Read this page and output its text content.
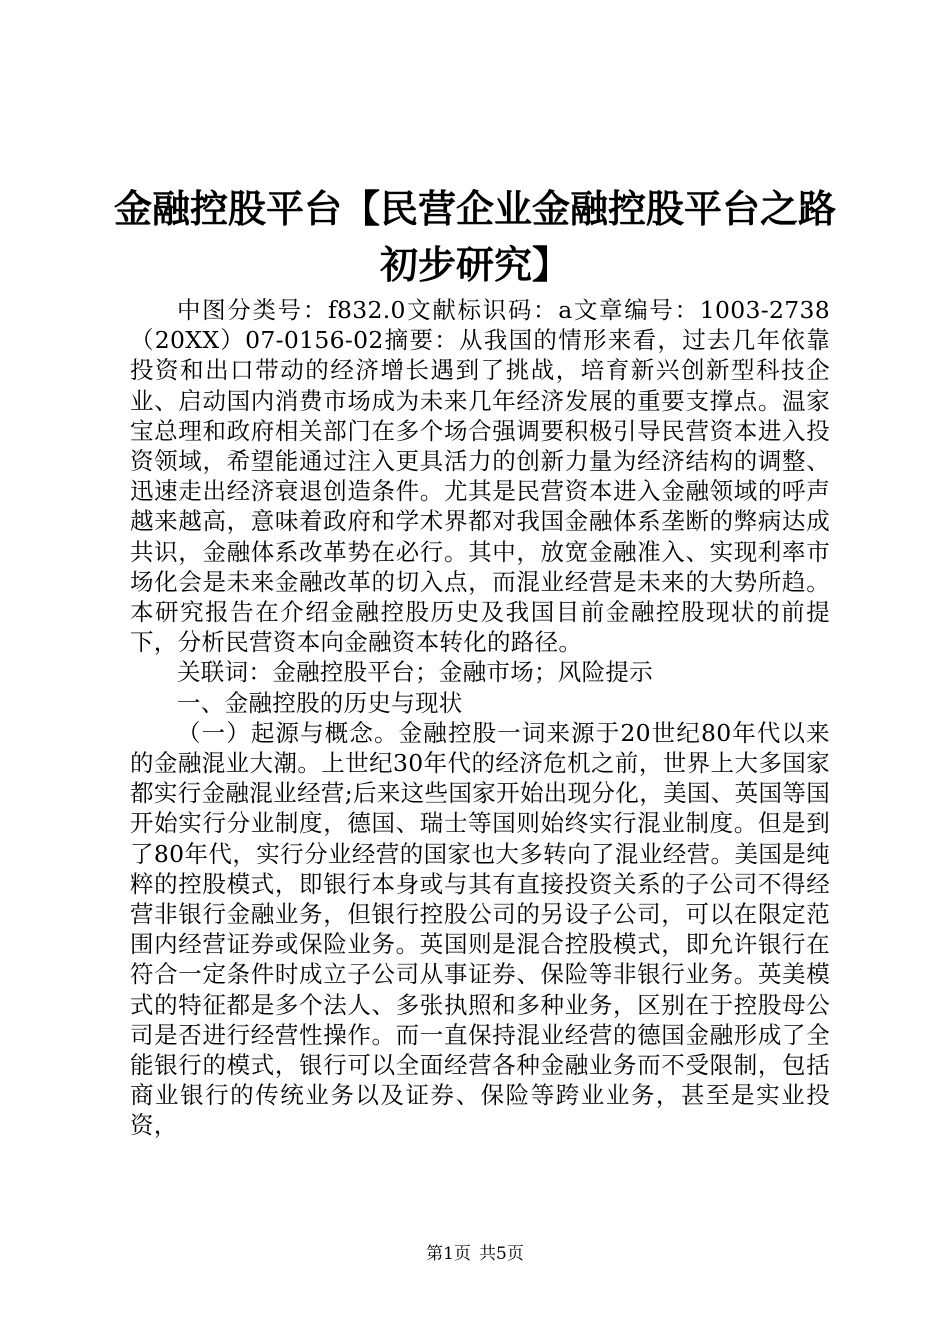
金融控股平台【民营企业金融控股平台之路初步研究】

中图分类号：f832.0文献标识码：a文章编号：1003-2738（20XX）07-0156-02摘要：从我国的情形来看，过去几年依靠投资和出口带动的经济增长遇到了挑战，培育新兴创新型科技企业、启动国内消费市场成为未来几年经济发展的重要支撑点。温家宝总理和政府相关部门在多个场合强调要积极引导民营资本进入投资领域，希望能通过注入更具活力的创新力量为经济结构的调整、迅速走出经济衰退创造条件。尤其是民营资本进入金融领域的呼声越来越高，意味着政府和学术界都对我国金融体系垄断的弊病达成共识，金融体系改革势在必行。其中，放宽金融准入、实现利率市场化会是未来金融改革的切入点，而混业经营是未来的大势所趋。本研究报告在介绍金融控股历史及我国目前金融控股现状的前提下，分析民营资本向金融资本转化的路径。

关联词：金融控股平台；金融市场；风险提示

一、金融控股的历史与现状

（一）起源与概念。金融控股一词来源于20世纪80年代以来的金融混业大潮。上世纪30年代的经济危机之前，世界上大多国家都实行金融混业经营;后来这些国家开始出现分化，美国、英国等国开始实行分业制度，德国、瑞士等国则始终实行混业制度。但是到了80年代，实行分业经营的国家也大多转向了混业经营。美国是纯粹的控股模式，即银行本身或与其有直接投资关系的子公司不得经营非银行金融业务，但银行控股公司的另设子公司，可以在限定范围内经营证券或保险业务。英国则是混合控股模式，即允许银行在符合一定条件时成立子公司从事证券、保险等非银行业务。英美模式的特征都是多个法人、多张执照和多种业务，区别在于控股母公司是否进行经营性操作。而一直保持混业经营的德国金融形成了全能银行的模式，银行可以全面经营各种金融业务而不受限制，包括商业银行的传统业务以及证券、保险等跨业业务，甚至是实业投资，

第1页 共5页
